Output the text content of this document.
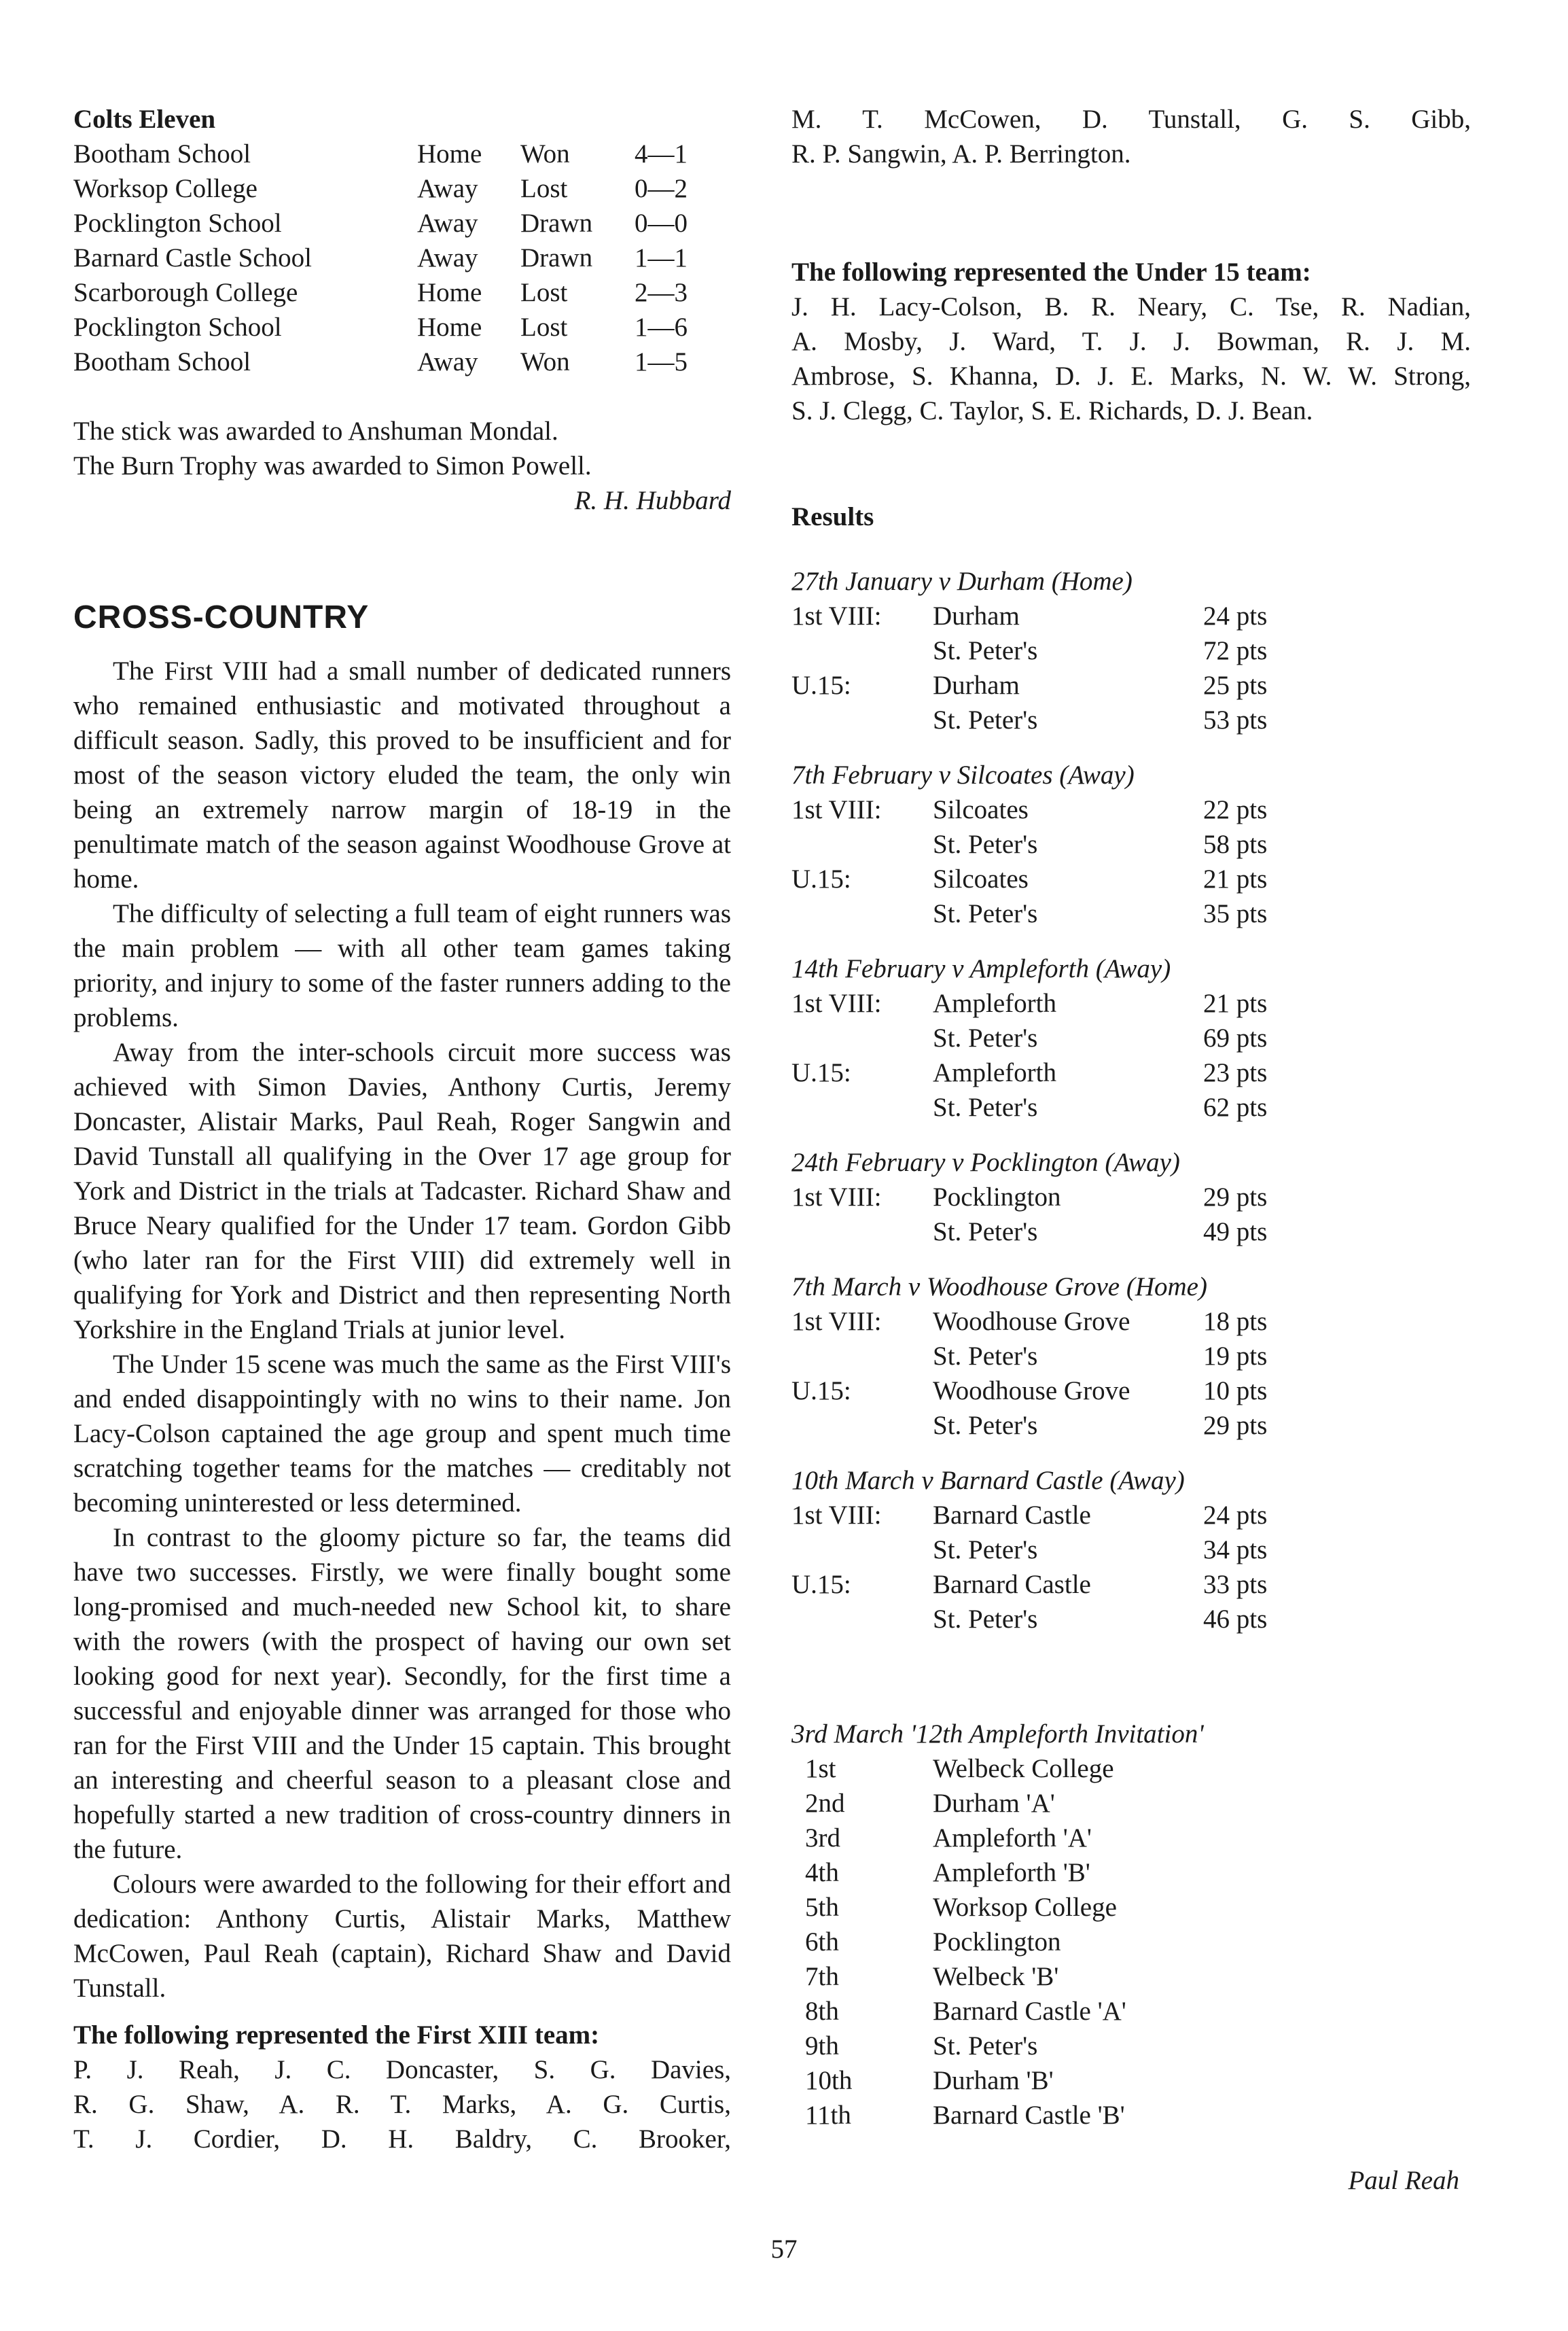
Colts Eleven
Bootham School	Home	Won	4—1
Worksop College	Away	Lost	0—2
Pocklington School	Away	Drawn	0—0
Barnard Castle School	Away	Drawn	1—1
Scarborough College	Home	Lost	2—3
Pocklington School	Home	Lost	1—6
Bootham School	Away	Won	1—5
The stick was awarded to Anshuman Mondal.
The Burn Trophy was awarded to Simon Powell.
R. H. Hubbard
CROSS-COUNTRY

The First VIII had a small number of dedicated runners who remained enthusiastic and motivated throughout a difficult season. Sadly, this proved to be insufficient and for most of the season victory eluded the team, the only win being an extremely narrow margin of 18-19 in the penultimate match of the season against Woodhouse Grove at home.

The difficulty of selecting a full team of eight runners was the main problem — with all other team games taking priority, and injury to some of the faster runners adding to the problems.

Away from the inter-schools circuit more success was achieved with Simon Davies, Anthony Curtis, Jeremy Doncaster, Alistair Marks, Paul Reah, Roger Sangwin and David Tunstall all qualifying in the Over 17 age group for York and District in the trials at Tadcaster. Richard Shaw and Bruce Neary qualified for the Under 17 team. Gordon Gibb (who later ran for the First VIII) did extremely well in qualifying for York and District and then representing North Yorkshire in the England Trials at junior level.

The Under 15 scene was much the same as the First VIII's and ended disappointingly with no wins to their name. Jon Lacy-Colson captained the age group and spent much time scratching together teams for the matches — creditably not becoming uninterested or less determined.

In contrast to the gloomy picture so far, the teams did have two successes. Firstly, we were finally bought some long-promised and much-needed new School kit, to share with the rowers (with the prospect of having our own set looking good for next year). Secondly, for the first time a successful and enjoyable dinner was arranged for those who ran for the First VIII and the Under 15 captain. This brought an interesting and cheerful season to a pleasant close and hopefully started a new tradition of cross-country dinners in the future.

Colours were awarded to the following for their effort and dedication: Anthony Curtis, Alistair Marks, Matthew McCowen, Paul Reah (captain), Richard Shaw and David Tunstall.

The following represented the First XIII team:
P. J. Reah, J. C. Doncaster, S. G. Davies,
R. G. Shaw, A. R. T. Marks, A. G. Curtis,
T. J. Cordier, D. H. Baldry, C. Brooker,
M. T. McCowen, D. Tunstall, G. S. Gibb,
R. P. Sangwin, A. P. Berrington.
The following represented the Under 15 team:
J. H. Lacy-Colson, B. R. Neary, C. Tse, R. Nadian,
A. Mosby, J. Ward, T. J. J. Bowman, R. J. M.
Ambrose, S. Khanna, D. J. E. Marks, N. W. W. Strong,
S. J. Clegg, C. Taylor, S. E. Richards, D. J. Bean.
Results
27th January v Durham (Home)
1st VIII:	Durham	24 pts
St. Peter's	72 pts
U.15:	Durham	25 pts
St. Peter's	53 pts
7th February v Silcoates (Away)
1st VIII:	Silcoates	22 pts
St. Peter's	58 pts
U.15:	Silcoates	21 pts
St. Peter's	35 pts
14th February v Ampleforth (Away)
1st VIII:	Ampleforth	21 pts
St. Peter's	69 pts
U.15:	Ampleforth	23 pts
St. Peter's	62 pts
24th February v Pocklington (Away)
1st VIII:	Pocklington	29 pts
St. Peter's	49 pts
7th March v Woodhouse Grove (Home)
1st VIII:	Woodhouse Grove	18 pts
St. Peter's	19 pts
U.15:	Woodhouse Grove	10 pts
St. Peter's	29 pts
10th March v Barnard Castle (Away)
1st VIII:	Barnard Castle	24 pts
St. Peter's	34 pts
U.15:	Barnard Castle	33 pts
St. Peter's	46 pts
3rd March '12th Ampleforth Invitation'
1st	Welbeck College
2nd	Durham 'A'
3rd	Ampleforth 'A'
4th	Ampleforth 'B'
5th	Worksop College
6th	Pocklington
7th	Welbeck 'B'
8th	Barnard Castle 'A'
9th	St. Peter's
10th	Durham 'B'
11th	Barnard Castle 'B'
Paul Reah
57
